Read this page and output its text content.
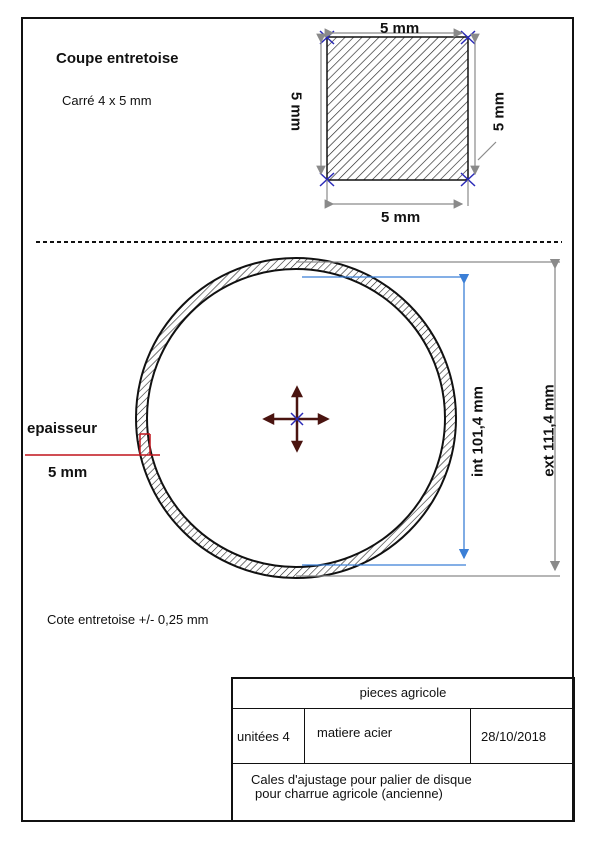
Coupe entretoise
Carré 4 x 5 mm
5 mm
5 mm
5 mm	5 mm
epaisseur
5 mm	int 101,4 mm	ext 111,4 mm
Cote entretoise +/- 0,25 mm
pieces agricole
unitées 4	matiere acier	28/10/2018
Cales d'ajustage pour palier de disque
pour charrue agricole (ancienne)
